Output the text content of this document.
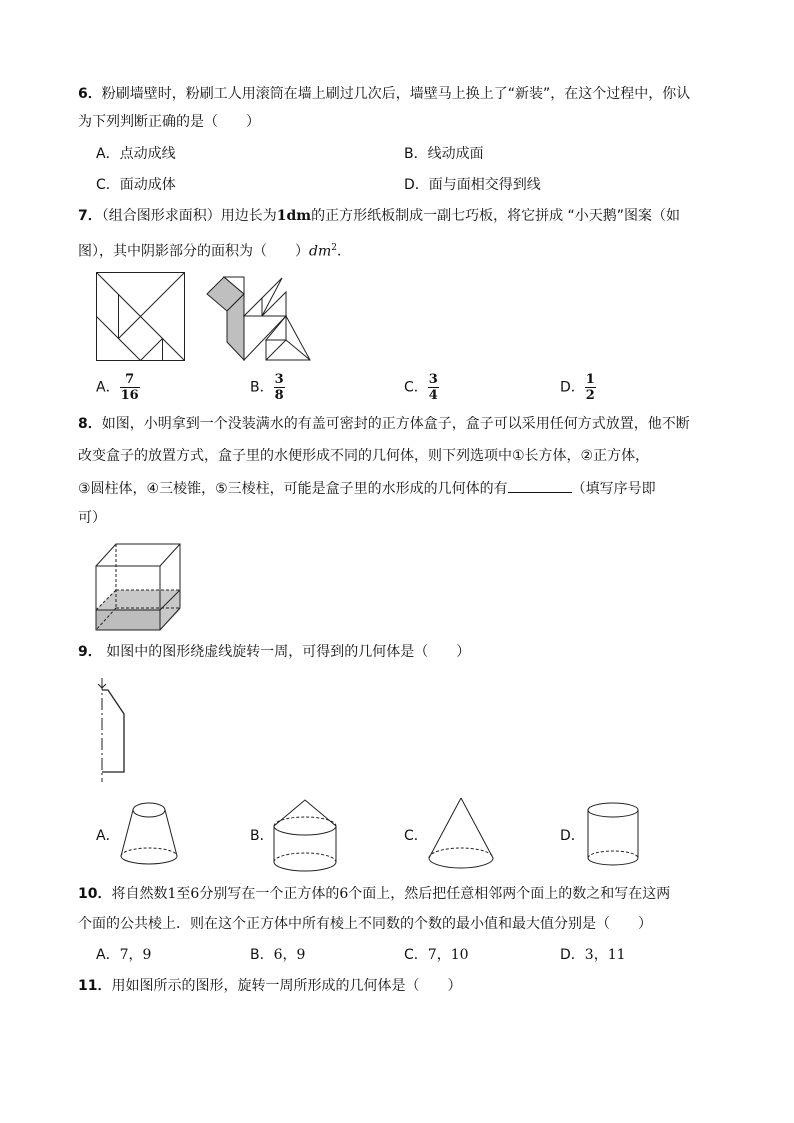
6．粉刷墙壁时，粉刷工人用滚筒在墙上刷过几次后，墙壁马上换上了“新装”，在这个过程中，你认
为下列判断正确的是（　　）
A．点动成线	B．线动成面
C．面动成体	D．面与面相交得到线
7．（组合图形求面积）用边长为1dm的正方形纸板制成一副七巧板，将它拼成 “小天鹅”图案（如
图），其中阴影部分的面积为（　　）$dm^2$．
A． $\frac{7}{16}$	B． $\frac{3}{8}$	C． $\frac{3}{4}$	D． $\frac{1}{2}$
8．如图，小明拿到一个没装满水的有盖可密封的正方体盒子，盒子可以采用任何方式放置，他不断
改变盒子的放置方式，盒子里的水便形成不同的几何体，则下列选项中①长方体，②正方体，
③圆柱体，④三棱锥，⑤三棱柱，可能是盒子里的水形成的几何体的有	（填写序号即
可）
9． 如图中的图形绕虚线旋转一周，可得到的几何体是（　　）
A．	B．	C．	D．
10．将自然数1至6分别写在一个正方体的6个面上，然后把任意相邻两个面上的数之和写在这两
个面的公共棱上．则在这个正方体中所有棱上不同数的个数的最小值和最大值分别是（　　）
A．7，9	B．6，9	C．7，10	D．3，11
11．用如图所示的图形，旋转一周所形成的几何体是（　　）
